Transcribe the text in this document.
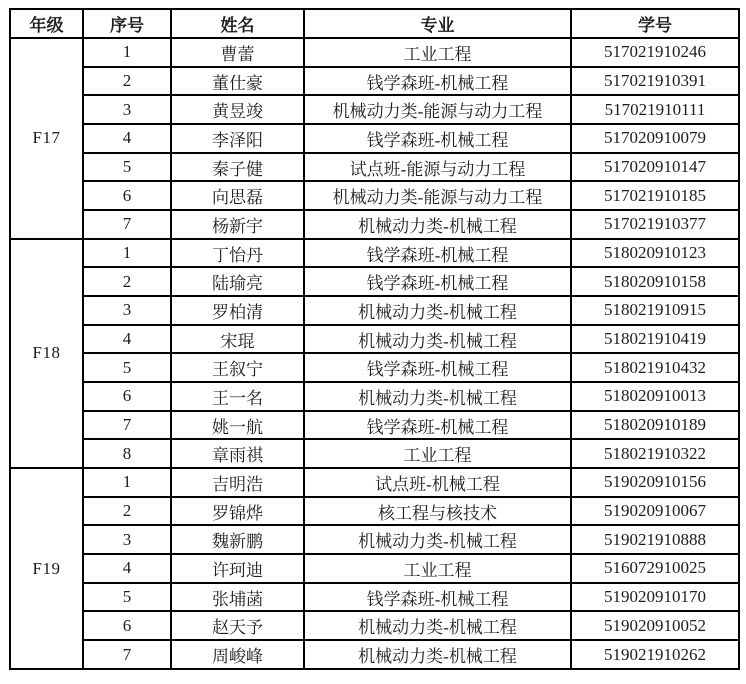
年级	序号	姓名	专业	学号
F17	1	曹蕾	工业工程	517021910246
	2	董仕豪	钱学森班-机械工程	517021910391
	3	黄昱竣	机械动力类-能源与动力工程	517021910111
	4	李泽阳	钱学森班-机械工程	517020910079
	5	秦子健	试点班-能源与动力工程	517020910147
	6	向思磊	机械动力类-能源与动力工程	517021910185
	7	杨新宇	机械动力类-机械工程	517021910377
F18	1	丁怡丹	钱学森班-机械工程	518020910123
	2	陆瑜亮	钱学森班-机械工程	518020910158
	3	罗柏清	机械动力类-机械工程	518021910915
	4	宋琨	机械动力类-机械工程	518021910419
	5	王叙宁	钱学森班-机械工程	518021910432
	6	王一名	机械动力类-机械工程	518020910013
	7	姚一航	钱学森班-机械工程	518020910189
	8	章雨祺	工业工程	518021910322
F19	1	吉明浩	试点班-机械工程	519020910156
	2	罗锦烨	核工程与核技术	519020910067
	3	魏新鹏	机械动力类-机械工程	519021910888
	4	许珂迪	工业工程	516072910025
	5	张埔菡	钱学森班-机械工程	519020910170
	6	赵天予	机械动力类-机械工程	519020910052
	7	周峻峰	机械动力类-机械工程	519021910262
